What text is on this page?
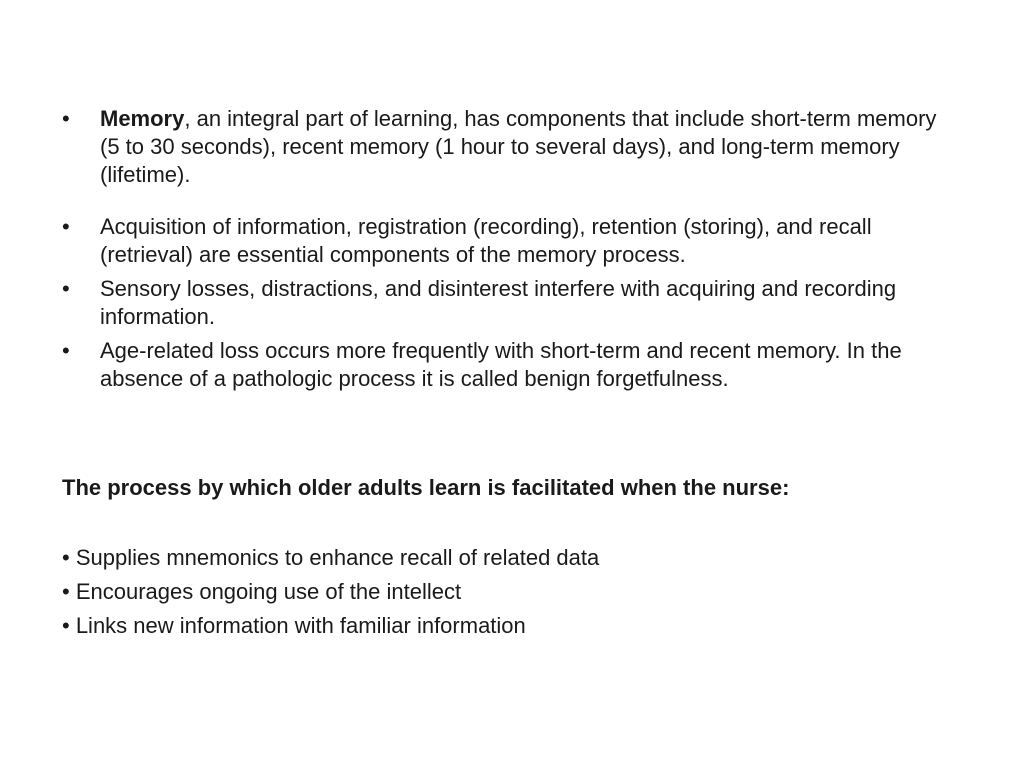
•	Memory, an integral part of learning, has components that include short-term memory (5 to 30 seconds), recent memory (1 hour to several days), and long-term memory (lifetime).
•	Acquisition of information, registration (recording), retention (storing), and recall (retrieval) are essential components of the memory process.
•	Sensory losses, distractions, and disinterest interfere with acquiring and recording information.
•	Age-related loss occurs more frequently with short-term and recent memory. In the absence of a pathologic process it is called benign forgetfulness.

The process by which older adults learn is facilitated when the nurse:

• Supplies mnemonics to enhance recall of related data
• Encourages ongoing use of the intellect
• Links new information with familiar information
